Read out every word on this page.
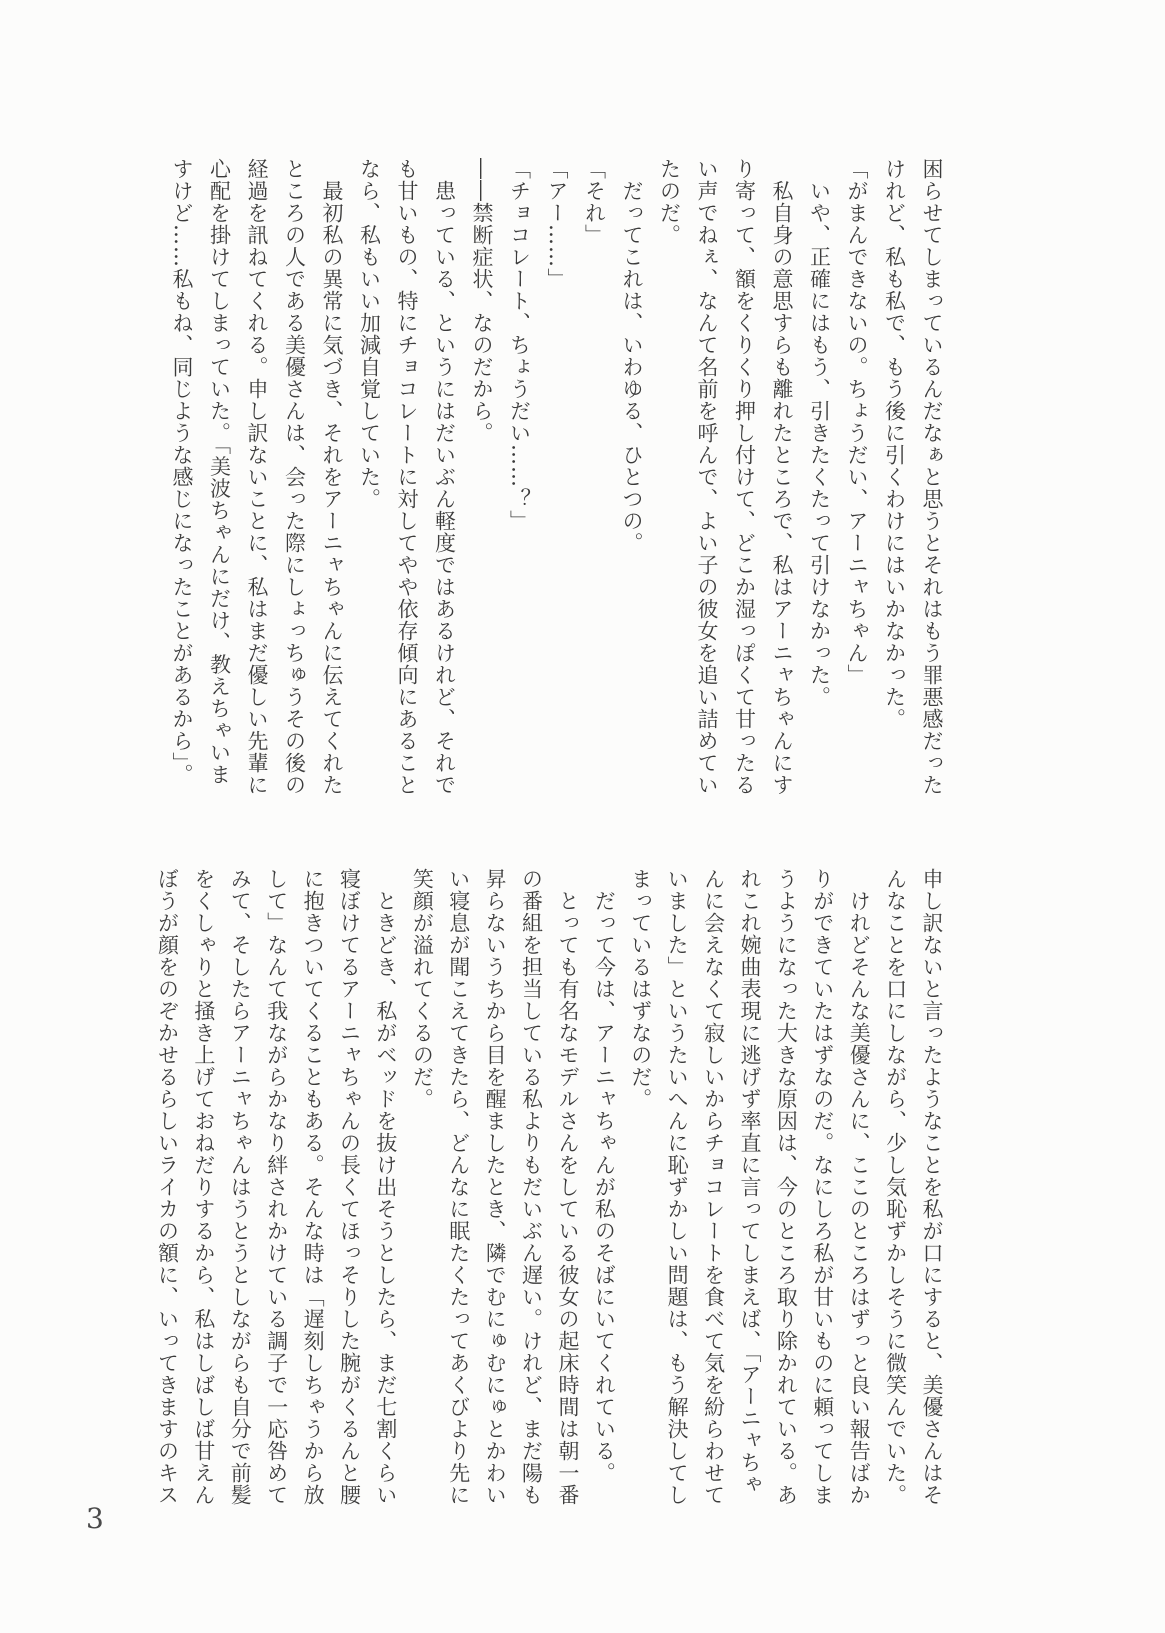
困らせてしまっているんだなぁと思うとそれはもう罪悪感だった
けれど、私も私で、もう後に引くわけにはいかなかった。
「がまんできないの。ちょうだい、アーニャちゃん」
　いや、正確にはもう、引きたくたって引けなかった。
　私自身の意思すらも離れたところで、私はアーニャちゃんにす
り寄って、額をくりくり押し付けて、どこか湿っぽくて甘ったる
い声でねぇ、なんて名前を呼んで、よい子の彼女を追い詰めてい
たのだ。
　だってこれは、いわゆる、ひとつの。
「それ」
「アー……」
「チョコレート、ちょうだい……？」
――禁断症状、なのだから。
　患っている、というにはだいぶん軽度ではあるけれど、それで
も甘いもの、特にチョコレートに対してやや依存傾向にあること
なら、私もいい加減自覚していた。
　最初私の異常に気づき、それをアーニャちゃんに伝えてくれた
ところの人である美優さんは、会った際にしょっちゅうその後の
経過を訊ねてくれる。申し訳ないことに、私はまだ優しい先輩に
心配を掛けてしまっていた。「美波ちゃんにだけ、教えちゃいま
すけど……私もね、同じような感じになったことがあるから」。
申し訳ないと言ったようなことを私が口にすると、美優さんはそ
んなことを口にしながら、少し気恥ずかしそうに微笑んでいた。
　けれどそんな美優さんに、ここのところはずっと良い報告ばか
りができていたはずなのだ。なにしろ私が甘いものに頼ってしま
うようになった大きな原因は、今のところ取り除かれている。あ
れこれ婉曲表現に逃げず率直に言ってしまえば、「アーニャちゃ
んに会えなくて寂しいからチョコレートを食べて気を紛らわせて
いました」というたいへんに恥ずかしい問題は、もう解決してし
まっているはずなのだ。
　だって今は、アーニャちゃんが私のそばにいてくれている。
　とっても有名なモデルさんをしている彼女の起床時間は朝一番
の番組を担当している私よりもだいぶん遅い。けれど、まだ陽も
昇らないうちから目を醒ましたとき、隣でむにゅむにゅとかわい
い寝息が聞こえてきたら、どんなに眠たくたってあくびより先に
笑顔が溢れてくるのだ。
　ときどき、私がベッドを抜け出そうとしたら、まだ七割くらい
寝ぼけてるアーニャちゃんの長くてほっそりした腕がくるんと腰
に抱きついてくることもある。そんな時は「遅刻しちゃうから放
して」なんて我ながらかなり絆されかけている調子で一応咎めて
みて、そしたらアーニャちゃんはうとうとしながらも自分で前髪
をくしゃりと掻き上げておねだりするから、私はしばしば甘えん
ぼうが顔をのぞかせるらしいライカの額に、いってきますのキス
3
